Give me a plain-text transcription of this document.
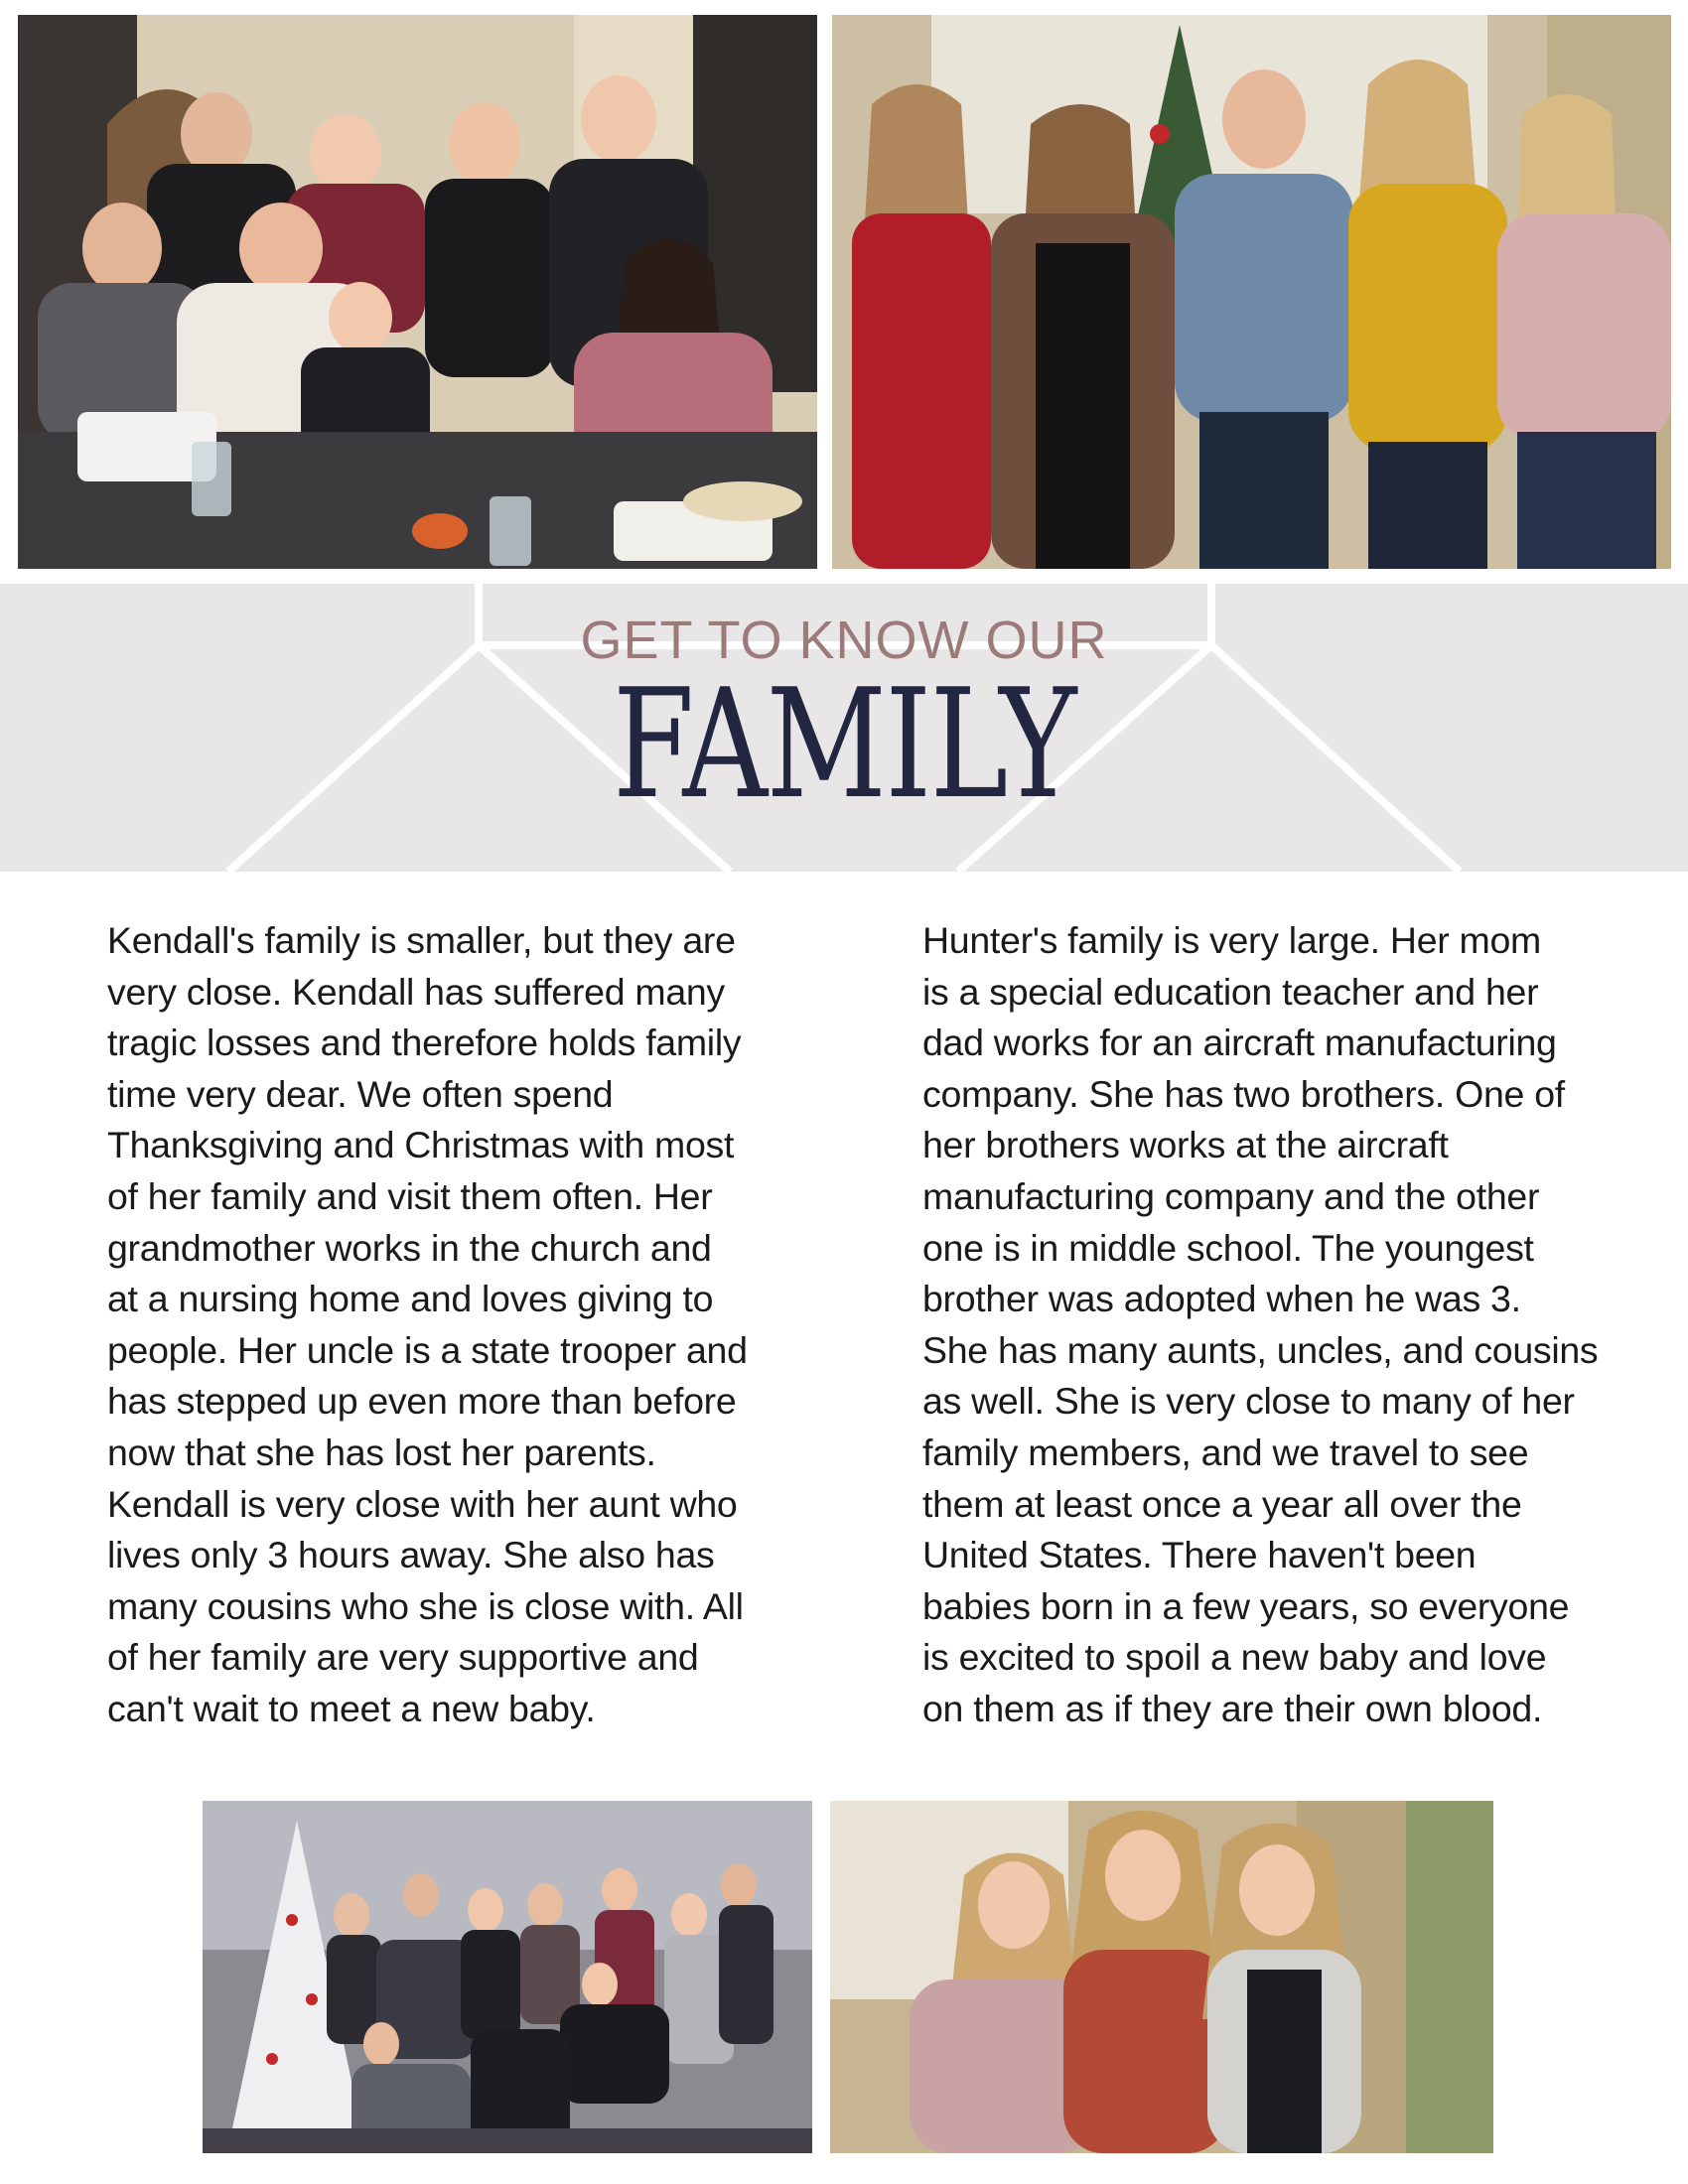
GET TO KNOW OUR
FAMILY
Kendall's family is smaller, but they are
very close. Kendall has suffered many
tragic losses and therefore holds family
time very dear. We often spend
Thanksgiving and Christmas with most
of her family and visit them often. Her
grandmother works in the church and
at a nursing home and loves giving to
people. Her uncle is a state trooper and
has stepped up even more than before
now that she has lost her parents.
Kendall is very close with her aunt who
lives only 3 hours away. She also has
many cousins who she is close with. All
of her family are very supportive and
can't wait to meet a new baby.
Hunter's family is very large. Her mom
is a special education teacher and her
dad works for an aircraft manufacturing
company. She has two brothers. One of
her brothers works at the aircraft
manufacturing company and the other
one is in middle school. The youngest
brother was adopted when he was 3.
She has many aunts, uncles, and cousins
as well. She is very close to many of her
family members, and we travel to see
them at least once a year all over the
United States. There haven't been
babies born in a few years, so everyone
is excited to spoil a new baby and love
on them as if they are their own blood.
